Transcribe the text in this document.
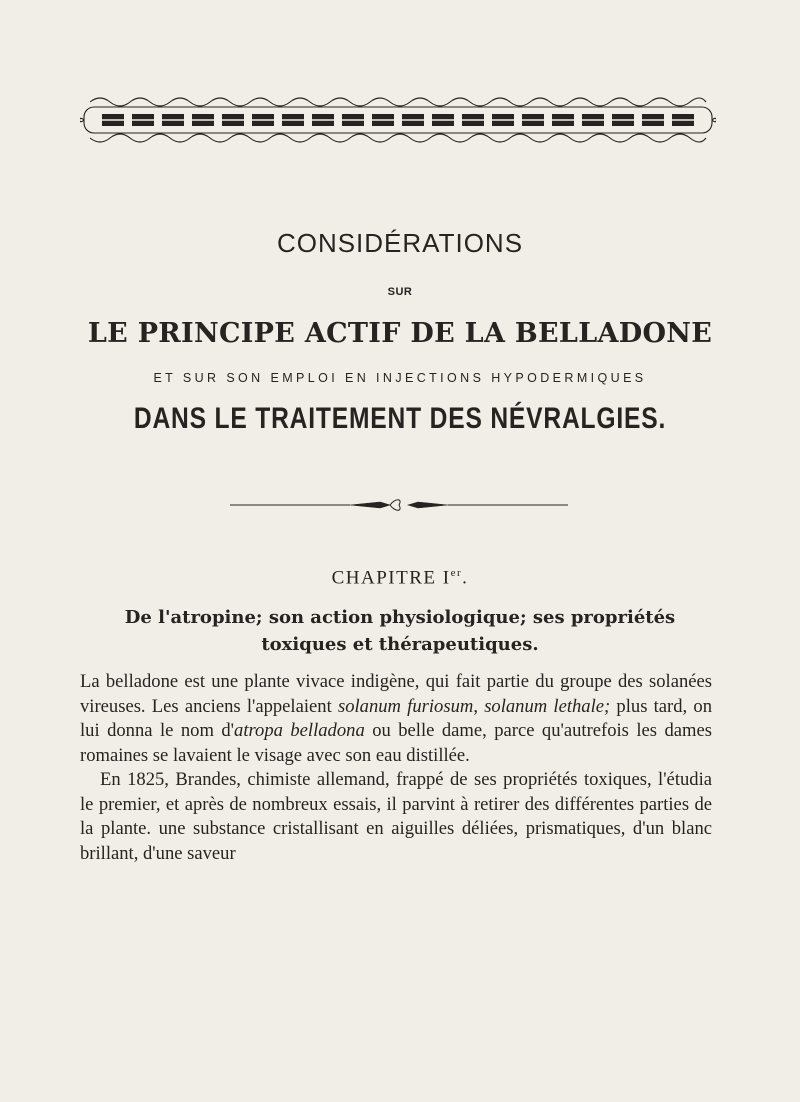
CONSIDÉRATIONS
SUR
LE PRINCIPE ACTIF DE LA BELLADONE
ET SUR SON EMPLOI EN INJECTIONS HYPODERMIQUES
DANS LE TRAITEMENT DES NÉVRALGIES.
CHAPITRE Ier.
De l'atropine; son action physiologique; ses propriétés
toxiques et thérapeutiques.

La belladone est une plante vivace indigène, qui fait partie du groupe des solanées vireuses. Les anciens l'appelaient solanum furiosum, solanum lethale; plus tard, on lui donna le nom d'atropa belladona ou belle dame, parce qu'autrefois les dames romaines se lavaient le visage avec son eau distillée.

En 1825, Brandes, chimiste allemand, frappé de ses propriétés toxiques, l'étudia le premier, et après de nombreux essais, il parvint à retirer des différentes parties de la plante. une substance cristallisant en aiguilles déliées, prismatiques, d'un blanc brillant, d'une saveur
